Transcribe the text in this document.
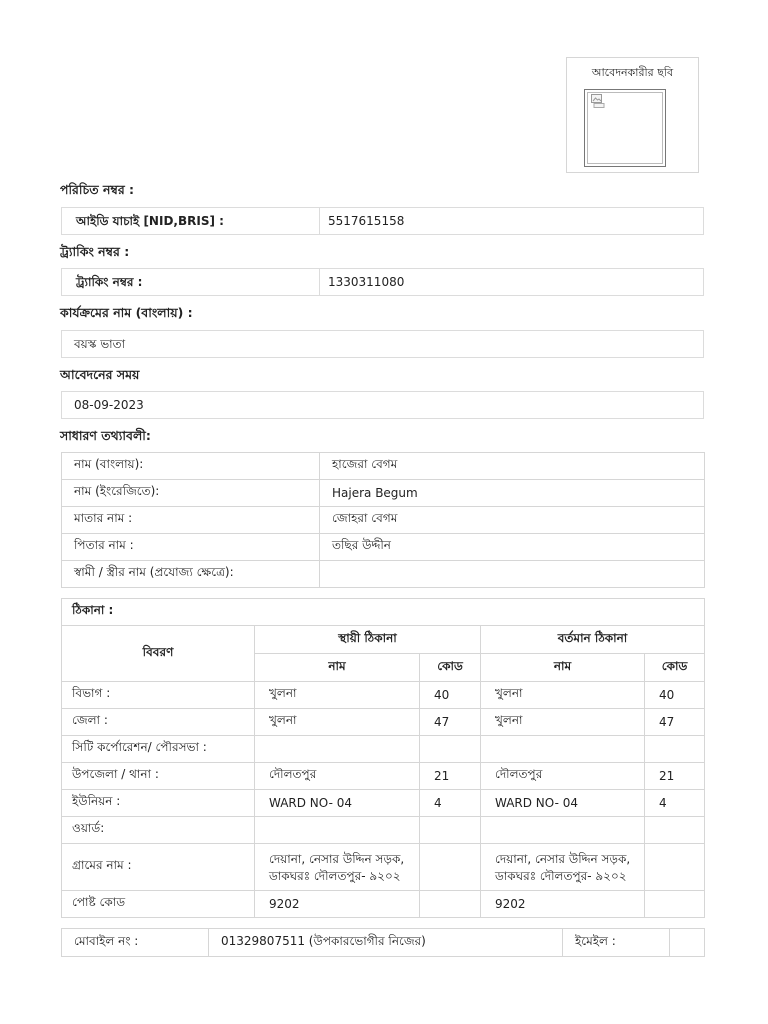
আবেদনকারীর ছবি
পরিচিত নম্বর :
আইডি যাচাই [NID,BRIS] :	5517615158
ট্র্যাকিং নম্বর :
ট্র্যাকিং নম্বর :	1330311080
কার্যক্রমের নাম (বাংলায়) :
বয়স্ক ভাতা
আবেদনের সময়
08-09-2023
সাধারণ তথ্যাবলী:
নাম (বাংলায়):	হাজেরা বেগম
নাম (ইংরেজিতে):	Hajera Begum
মাতার নাম :	জোহরা বেগম
পিতার নাম :	তছির উদ্দীন
স্বামী / স্ত্রীর নাম (প্রযোজ্য ক্ষেত্রে):	
ঠিকানা :				
বিবরণ	স্থায়ী ঠিকানা		বর্তমান ঠিকানা	
	নাম	কোড	নাম	কোড
বিভাগ :	খুলনা	40	খুলনা	40
জেলা :	খুলনা	47	খুলনা	47
সিটি কর্পোরেশন/ পৌরসভা :				
উপজেলা / থানা :	দৌলতপুর	21	দৌলতপুর	21
ইউনিয়ন :	WARD NO- 04	4	WARD NO- 04	4
ওয়ার্ড:				
গ্রামের নাম :	দেয়ানা, নেসার উদ্দিন সড়ক, ডাকঘরঃ দৌলতপুর- ৯২০২		দেয়ানা, নেসার উদ্দিন সড়ক, ডাকঘরঃ দৌলতপুর- ৯২০২	
পোষ্ট কোড	9202		9202	
মোবাইল নং :	01329807511 (উপকারভোগীর নিজের)	ইমেইল :	
